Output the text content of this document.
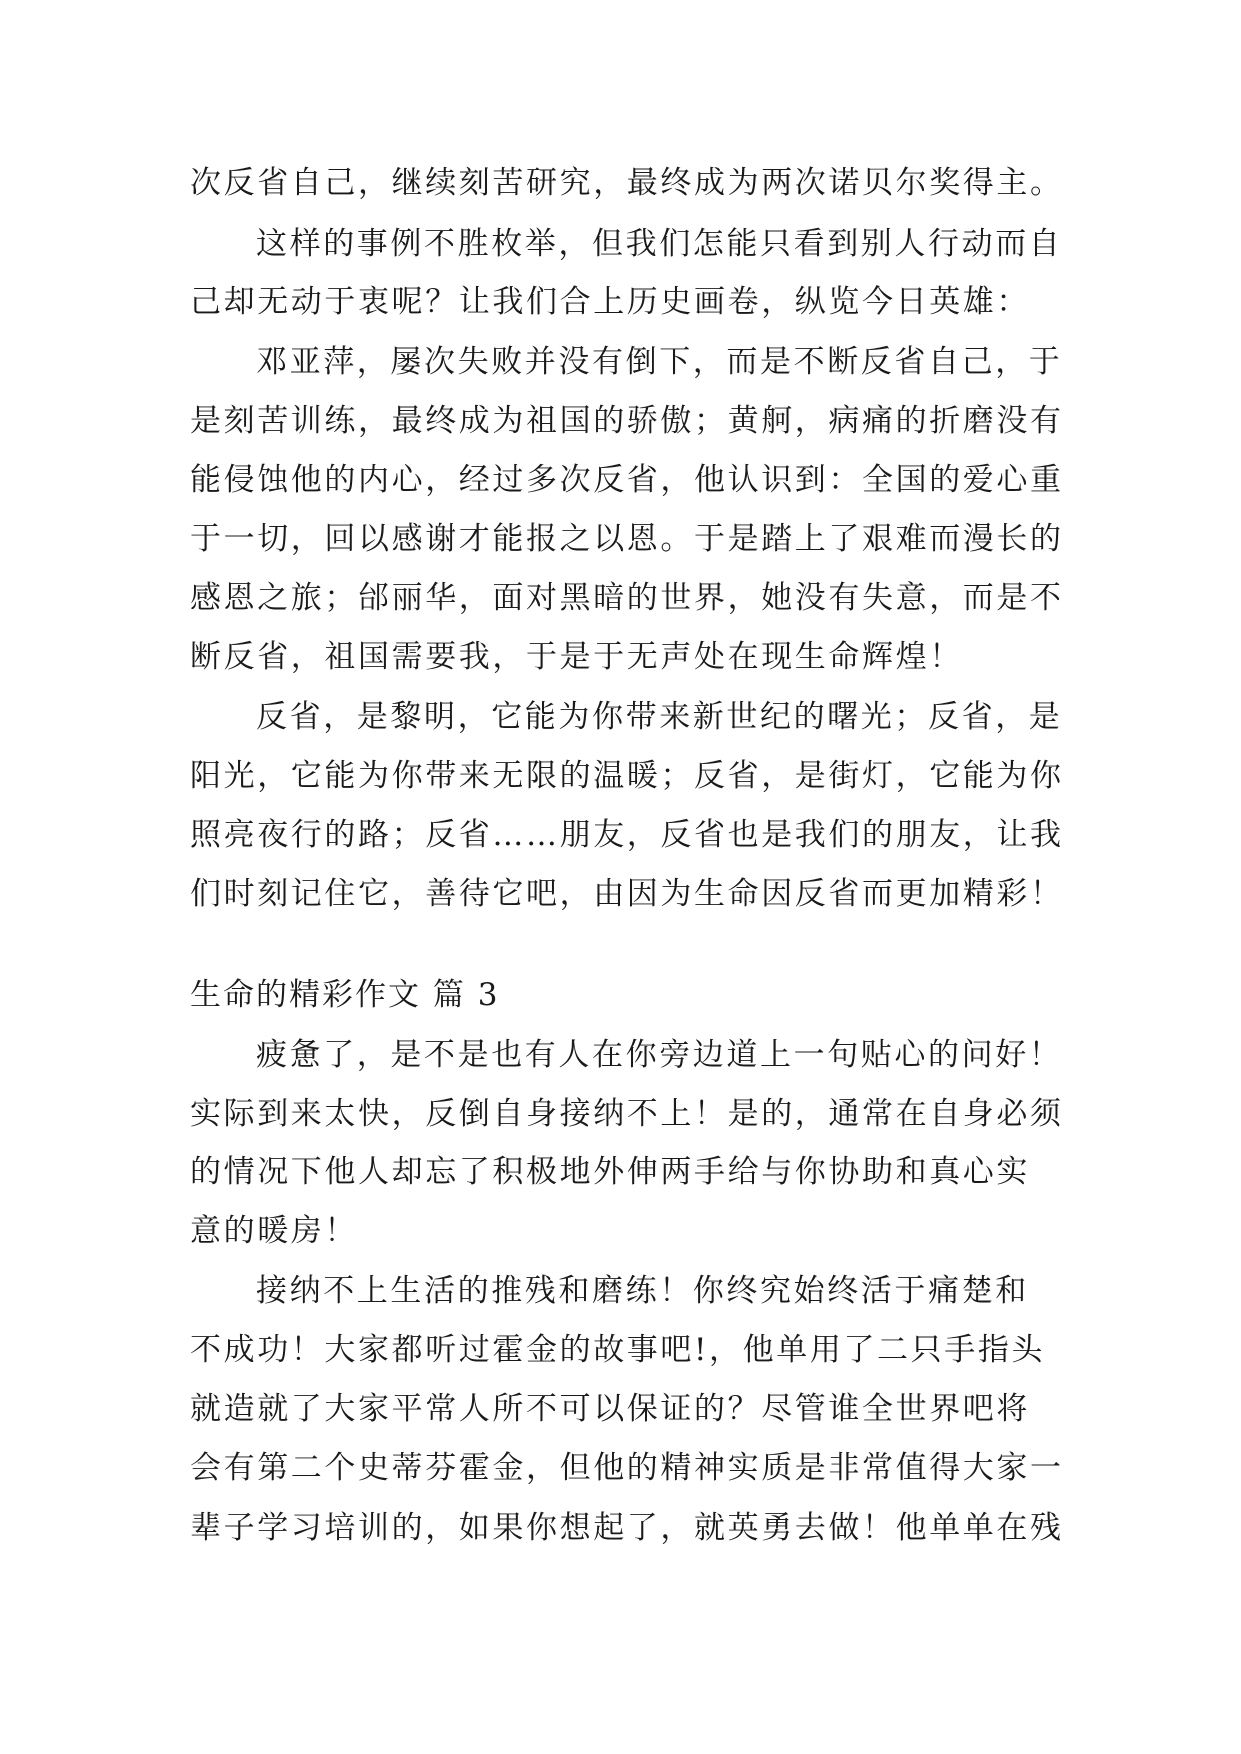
次反省自己，继续刻苦研究，最终成为两次诺贝尔奖得主。
这样的事例不胜枚举，但我们怎能只看到别人行动而自
己却无动于衷呢？让我们合上历史画卷，纵览今日英雄：
邓亚萍，屡次失败并没有倒下，而是不断反省自己，于
是刻苦训练，最终成为祖国的骄傲；黄舸，病痛的折磨没有
能侵蚀他的内心，经过多次反省，他认识到：全国的爱心重
于一切，回以感谢才能报之以恩。于是踏上了艰难而漫长的
感恩之旅；邰丽华，面对黑暗的世界，她没有失意，而是不
断反省，祖国需要我，于是于无声处在现生命辉煌！
反省，是黎明，它能为你带来新世纪的曙光；反省，是
阳光，它能为你带来无限的温暖；反省，是街灯，它能为你
照亮夜行的路；反省……朋友，反省也是我们的朋友，让我
们时刻记住它，善待它吧，由因为生命因反省而更加精彩！
生命的精彩作文 篇 3
疲惫了，是不是也有人在你旁边道上一句贴心的问好！
实际到来太快，反倒自身接纳不上！是的，通常在自身必须
的情况下他人却忘了积极地外伸两手给与你协助和真心实
意的暖房！
接纳不上生活的推残和磨练！你终究始终活于痛楚和
不成功！大家都听过霍金的故事吧!，他单用了二只手指头
就造就了大家平常人所不可以保证的？尽管谁全世界吧将
会有第二个史蒂芬霍金，但他的精神实质是非常值得大家一
辈子学习培训的，如果你想起了，就英勇去做！他单单在残
